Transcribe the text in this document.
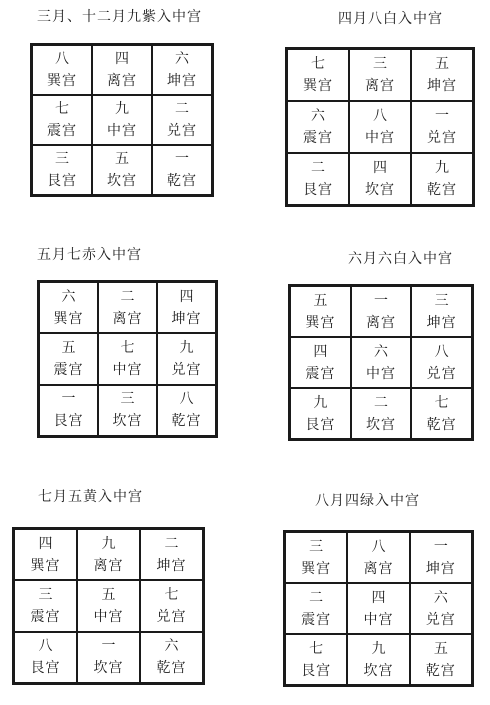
三月、十二月九紫入中宫
八
巽宫
四
离宫
六
坤宫
七
震宫
九
中宫
二
兑宫
三
艮宫
五
坎宫
一
乾宫
四月八白入中宫
七
巽宫
三
离宫
五
坤宫
六
震宫
八
中宫
一
兑宫
二
艮宫
四
坎宫
九
乾宫
五月七赤入中宫
六
巽宫
二
离宫
四
坤宫
五
震宫
七
中宫
九
兑宫
一
艮宫
三
坎宫
八
乾宫
六月六白入中宫
五
巽宫
一
离宫
三
坤宫
四
震宫
六
中宫
八
兑宫
九
艮宫
二
坎宫
七
乾宫
七月五黄入中宫
四
巽宫
九
离宫
二
坤宫
三
震宫
五
中宫
七
兑宫
八
艮宫
一
坎宫
六
乾宫
八月四绿入中宫
三
巽宫
八
离宫
一
坤宫
二
震宫
四
中宫
六
兑宫
七
艮宫
九
坎宫
五
乾宫
